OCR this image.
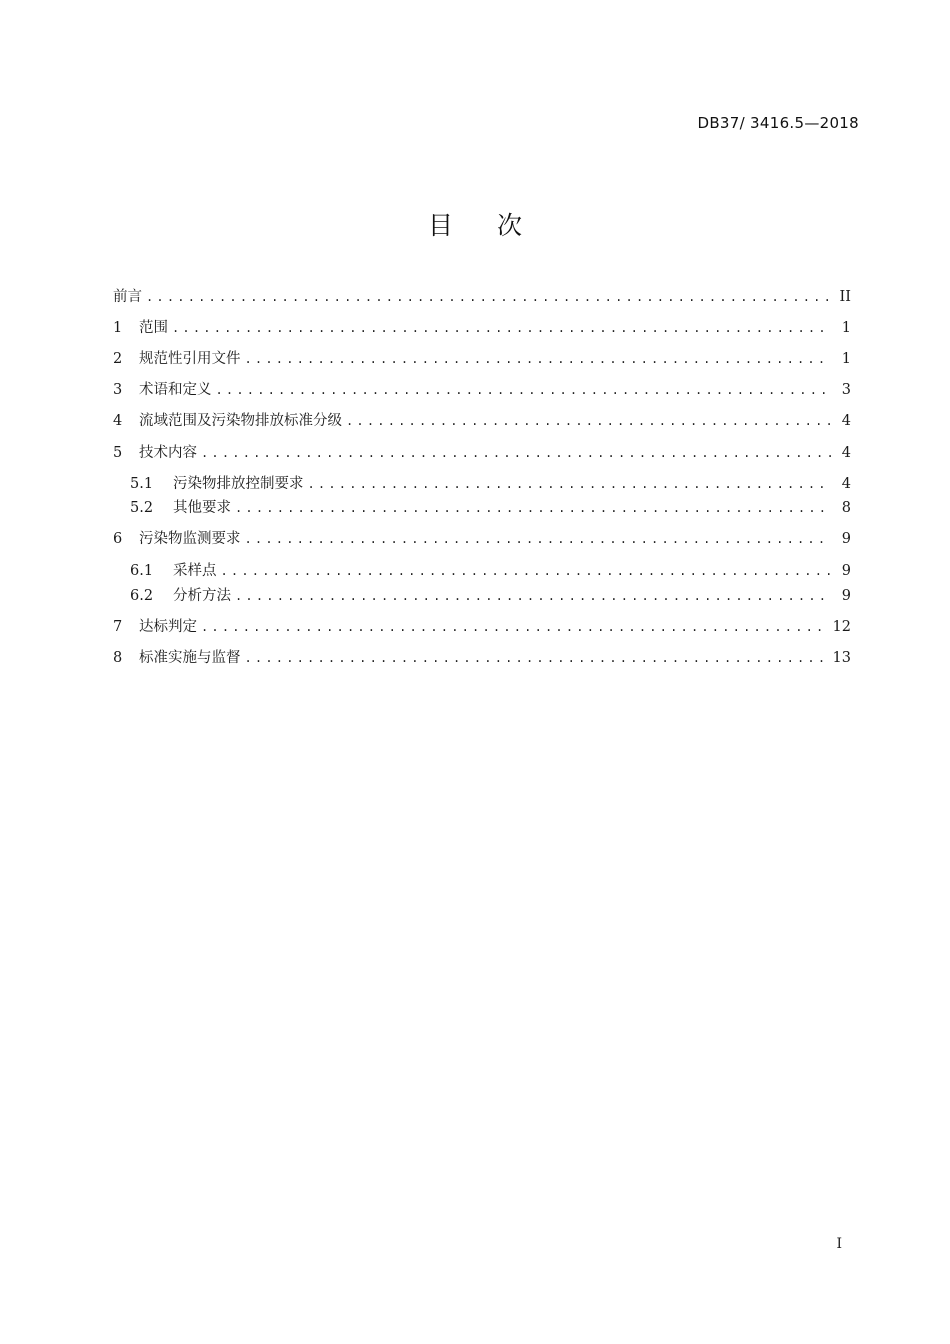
DB37/ 3416.5—2018
目次
前言 .....	II
1	范围 .....	1
2	规范性引用文件 .....	1
3	术语和定义 .....	3
4	流域范围及污染物排放标准分级 .....	4
5	技术内容 .....	4
5.1	污染物排放控制要求 .....	4
5.2	其他要求 .....	8
6	污染物监测要求 .....	9
6.1	采样点 .....	9
6.2	分析方法 .....	9
7	达标判定 .....	12
8	标准实施与监督 .....	13
I
